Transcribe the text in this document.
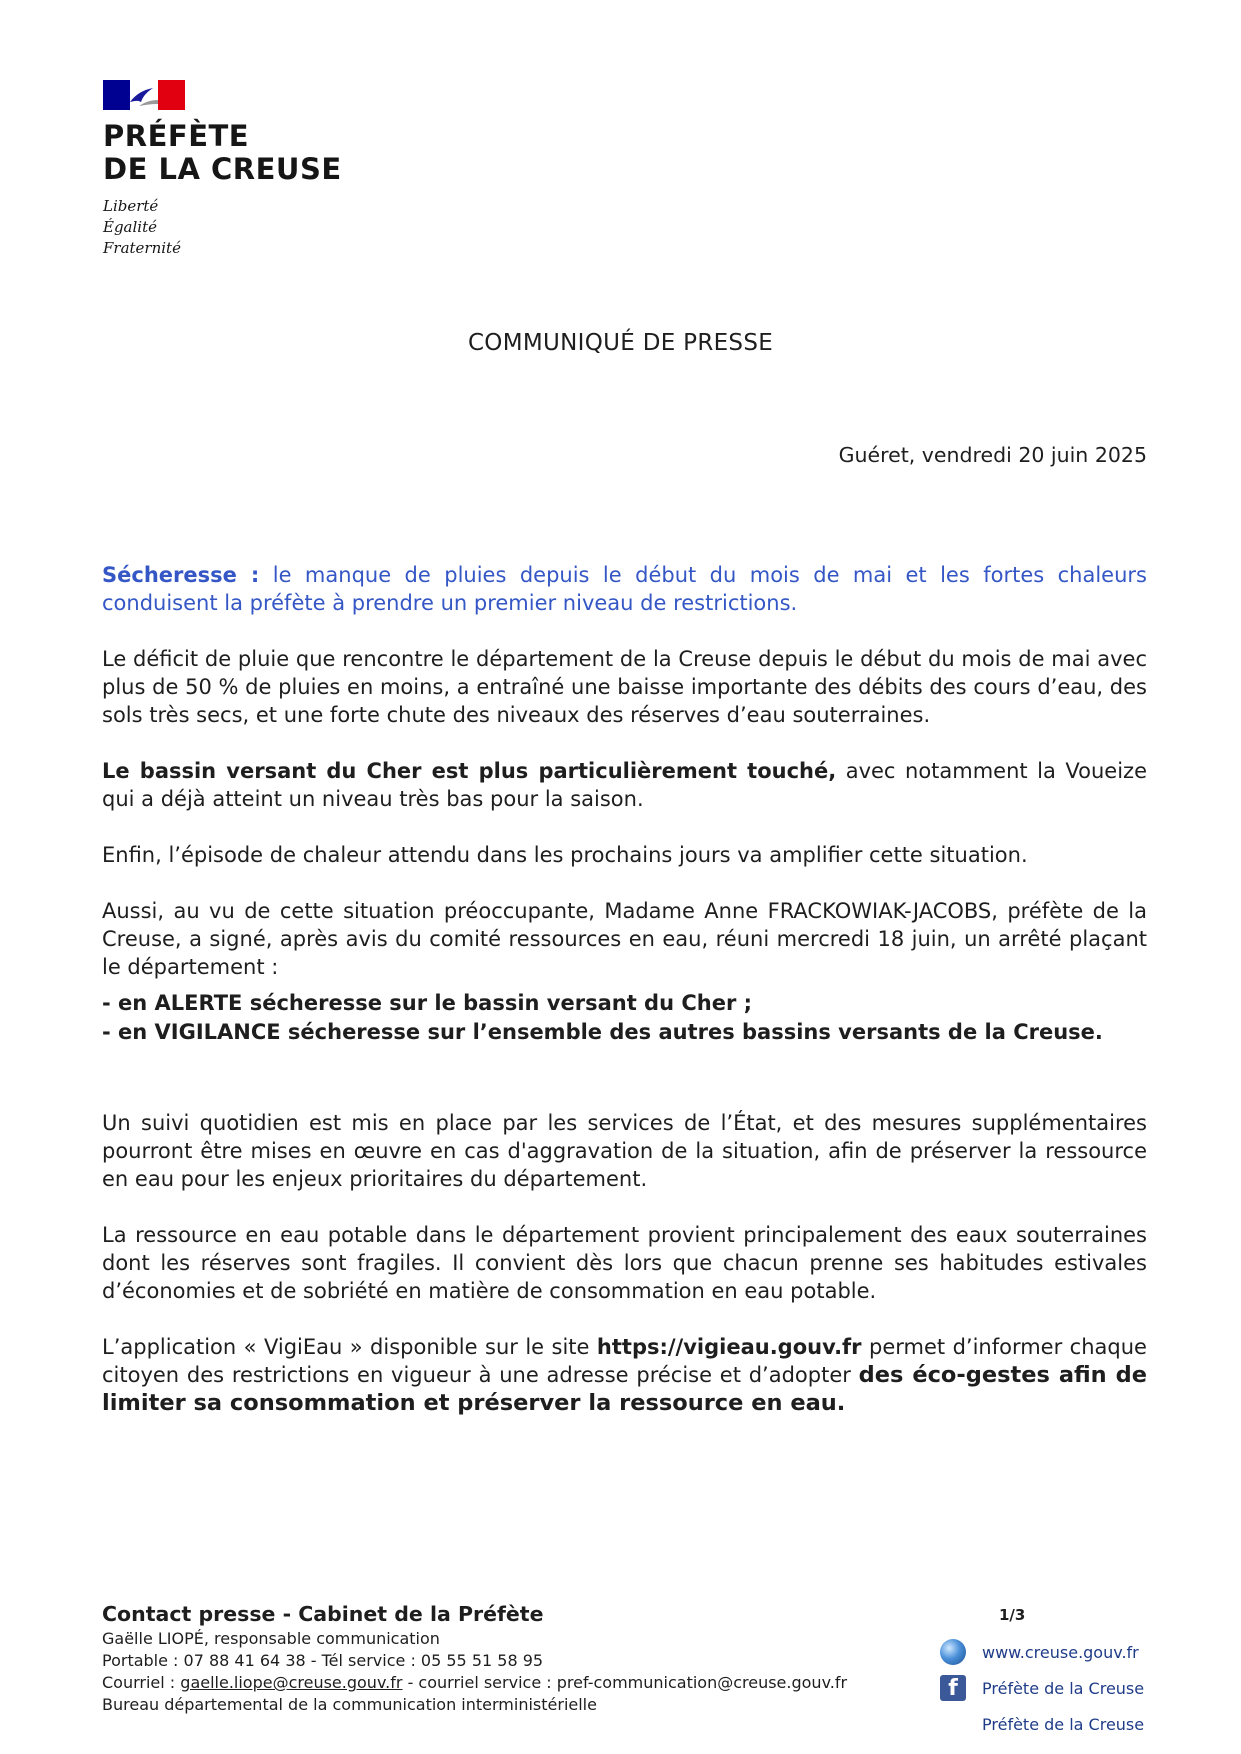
PRÉFÈTE
DE LA CREUSE
Liberté
Égalité
Fraternité
COMMUNIQUÉ DE PRESSE
Guéret, vendredi 20 juin 2025

Sécheresse : le manque de pluies depuis le début du mois de mai et les fortes chaleurs conduisent la préfète à prendre un premier niveau de restrictions.

Le déficit de pluie que rencontre le département de la Creuse depuis le début du mois de mai avec plus de 50 % de pluies en moins, a entraîné une baisse importante des débits des cours d’eau, des sols très secs, et une forte chute des niveaux des réserves d’eau souterraines.

Le bassin versant du Cher est plus particulièrement touché, avec notamment la Voueize qui a déjà atteint un niveau très bas pour la saison.

Enfin, l’épisode de chaleur attendu dans les prochains jours va amplifier cette situation.

Aussi, au vu de cette situation préoccupante, Madame Anne FRACKOWIAK-JACOBS, préfète de la Creuse, a signé, après avis du comité ressources en eau, réuni mercredi 18 juin, un arrêté plaçant le département :

- en ALERTE sécheresse sur le bassin versant du Cher ;
- en VIGILANCE sécheresse sur l’ensemble des autres bassins versants de la Creuse.

Un suivi quotidien est mis en place par les services de l’État, et des mesures supplémentaires pourront être mises en œuvre en cas d'aggravation de la situation, afin de préserver la ressource en eau pour les enjeux prioritaires du département.

La ressource en eau potable dans le département provient principalement des eaux souterraines dont les réserves sont fragiles. Il convient dès lors que chacun prenne ses habitudes estivales d’économies et de sobriété en matière de consommation en eau potable.

L’application « VigiEau » disponible sur le site https://vigieau.gouv.fr permet d’informer chaque citoyen des restrictions en vigueur à une adresse précise et d’adopter des éco-gestes afin de limiter sa consommation et préserver la ressource en eau.

Contact presse - Cabinet de la Préfète
Gaëlle LIOPÉ, responsable communication
Portable : 07 88 41 64 38 - Tél service : 05 55 51 58 95
Courriel : gaelle.liope@creuse.gouv.fr - courriel service : pref-communication@creuse.gouv.fr
Bureau départemental de la communication interministérielle
1/3
www.creuse.gouv.fr
f	Préfète de la Creuse
Préfète de la Creuse
